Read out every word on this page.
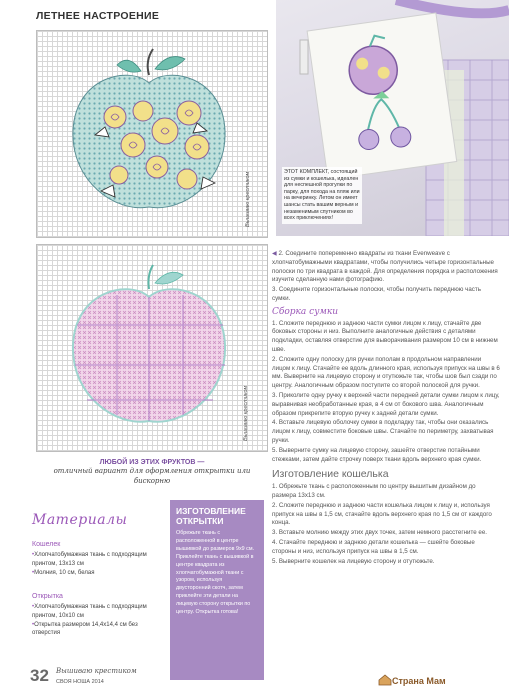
ЛЕТНЕЕ НАСТРОЕНИЕ
Вышиваю крестиком
Вышиваю крестиком
ЭТОТ КОМПЛЕКТ, состоящий из сумки и кошелька, идеален для неспешной прогулки по парку, для похода на пляж или на вечеринку. Летом он имеет шансы стать вашим верным и незаменимым спутником во всех приключениях!

◀ 2. Соедините попеременно квадраты из ткани Evenweave с хлопчатобумажными квадратами, чтобы получились четыре горизонтальные полоски по три квадрата в каждой. Для определения порядка и расположения изучите сделанную нами фотографию.

3. Соедините горизонтальные полоски, чтобы получить переднюю часть сумки.

Сборка сумки

1. Сложите переднюю и заднюю части сумки лицом к лицу, стачайте две боковых стороны и низ. Выполните аналогичные действия с деталями подкладки, оставляя отверстие для выворачивания размером 10 см в нижнем шве.

2. Сложите одну полоску для ручки пополам в продольном направлении лицом к лицу. Стачайте ее вдоль длинного края, используя припуск на швы в 6 мм. Выверните на лицевую сторону и отутюжьте так, чтобы шов был сзади по центру. Аналогичным образом поступите со второй полоской для ручки.

3. Приколите одну ручку к верхней части передней детали сумки лицом к лицу, выравнивая необработанные края, в 4 см от бокового шва. Аналогичным образом прикрепите вторую ручку к задней детали сумки.

4. Вставьте лицевую оболочку сумки в подкладку так, чтобы они оказались лицом к лицу, совместите боковые швы. Стачайте по периметру, захватывая ручки.

5. Выверните сумку на лицевую сторону, зашейте отверстие потайными стежками, затем дайте строчку поверх ткани вдоль верхнего края сумки.

Изготовление кошелька

1. Обрежьте ткань с расположенным по центру вышитым дизайном до размера 13x13 см.

2. Сложите переднюю и заднюю части кошелька лицом к лицу и, используя припуск на швы в 1,5 см, стачайте вдоль верхнего края по 1,5 см от каждого конца.

3. Вставьте молнию между этих двух точек, затем немного расстегните ее.

4. Стачайте переднюю и заднюю детали кошелька — сшейте боковые стороны и низ, используя припуск на швы в 1,5 см.

5. Выверните кошелек на лицевую сторону и отутюжьте.

ЛЮБОЙ ИЗ ЭТИХ ФРУКТОВ —
отличный вариант для оформления открытки или бискорню
Материалы
Кошелек
• Хлопчатобумажная ткань с подходящим принтом, 13x13 см
• Молния, 10 см, белая
Открытка
• Хлопчатобумажная ткань с подходящим принтом, 10x10 см
• Открытка размером 14,4x14,4 см без отверстия
ИЗГОТОВЛЕНИЕ ОТКРЫТКИ
Обрежьте ткань с расположенной в центре вышивкой до размеров 9x9 см. Приклейте ткань с вышивкой в центре квадрата из хлопчатобумажной ткани с узором, используя двусторонний скотч, затем приклейте эти детали на лицевую сторону открытки по центру. Открытка готова!
32 Вышиваю крестиком
СВОЯ НОША 2014	Страна Мам
